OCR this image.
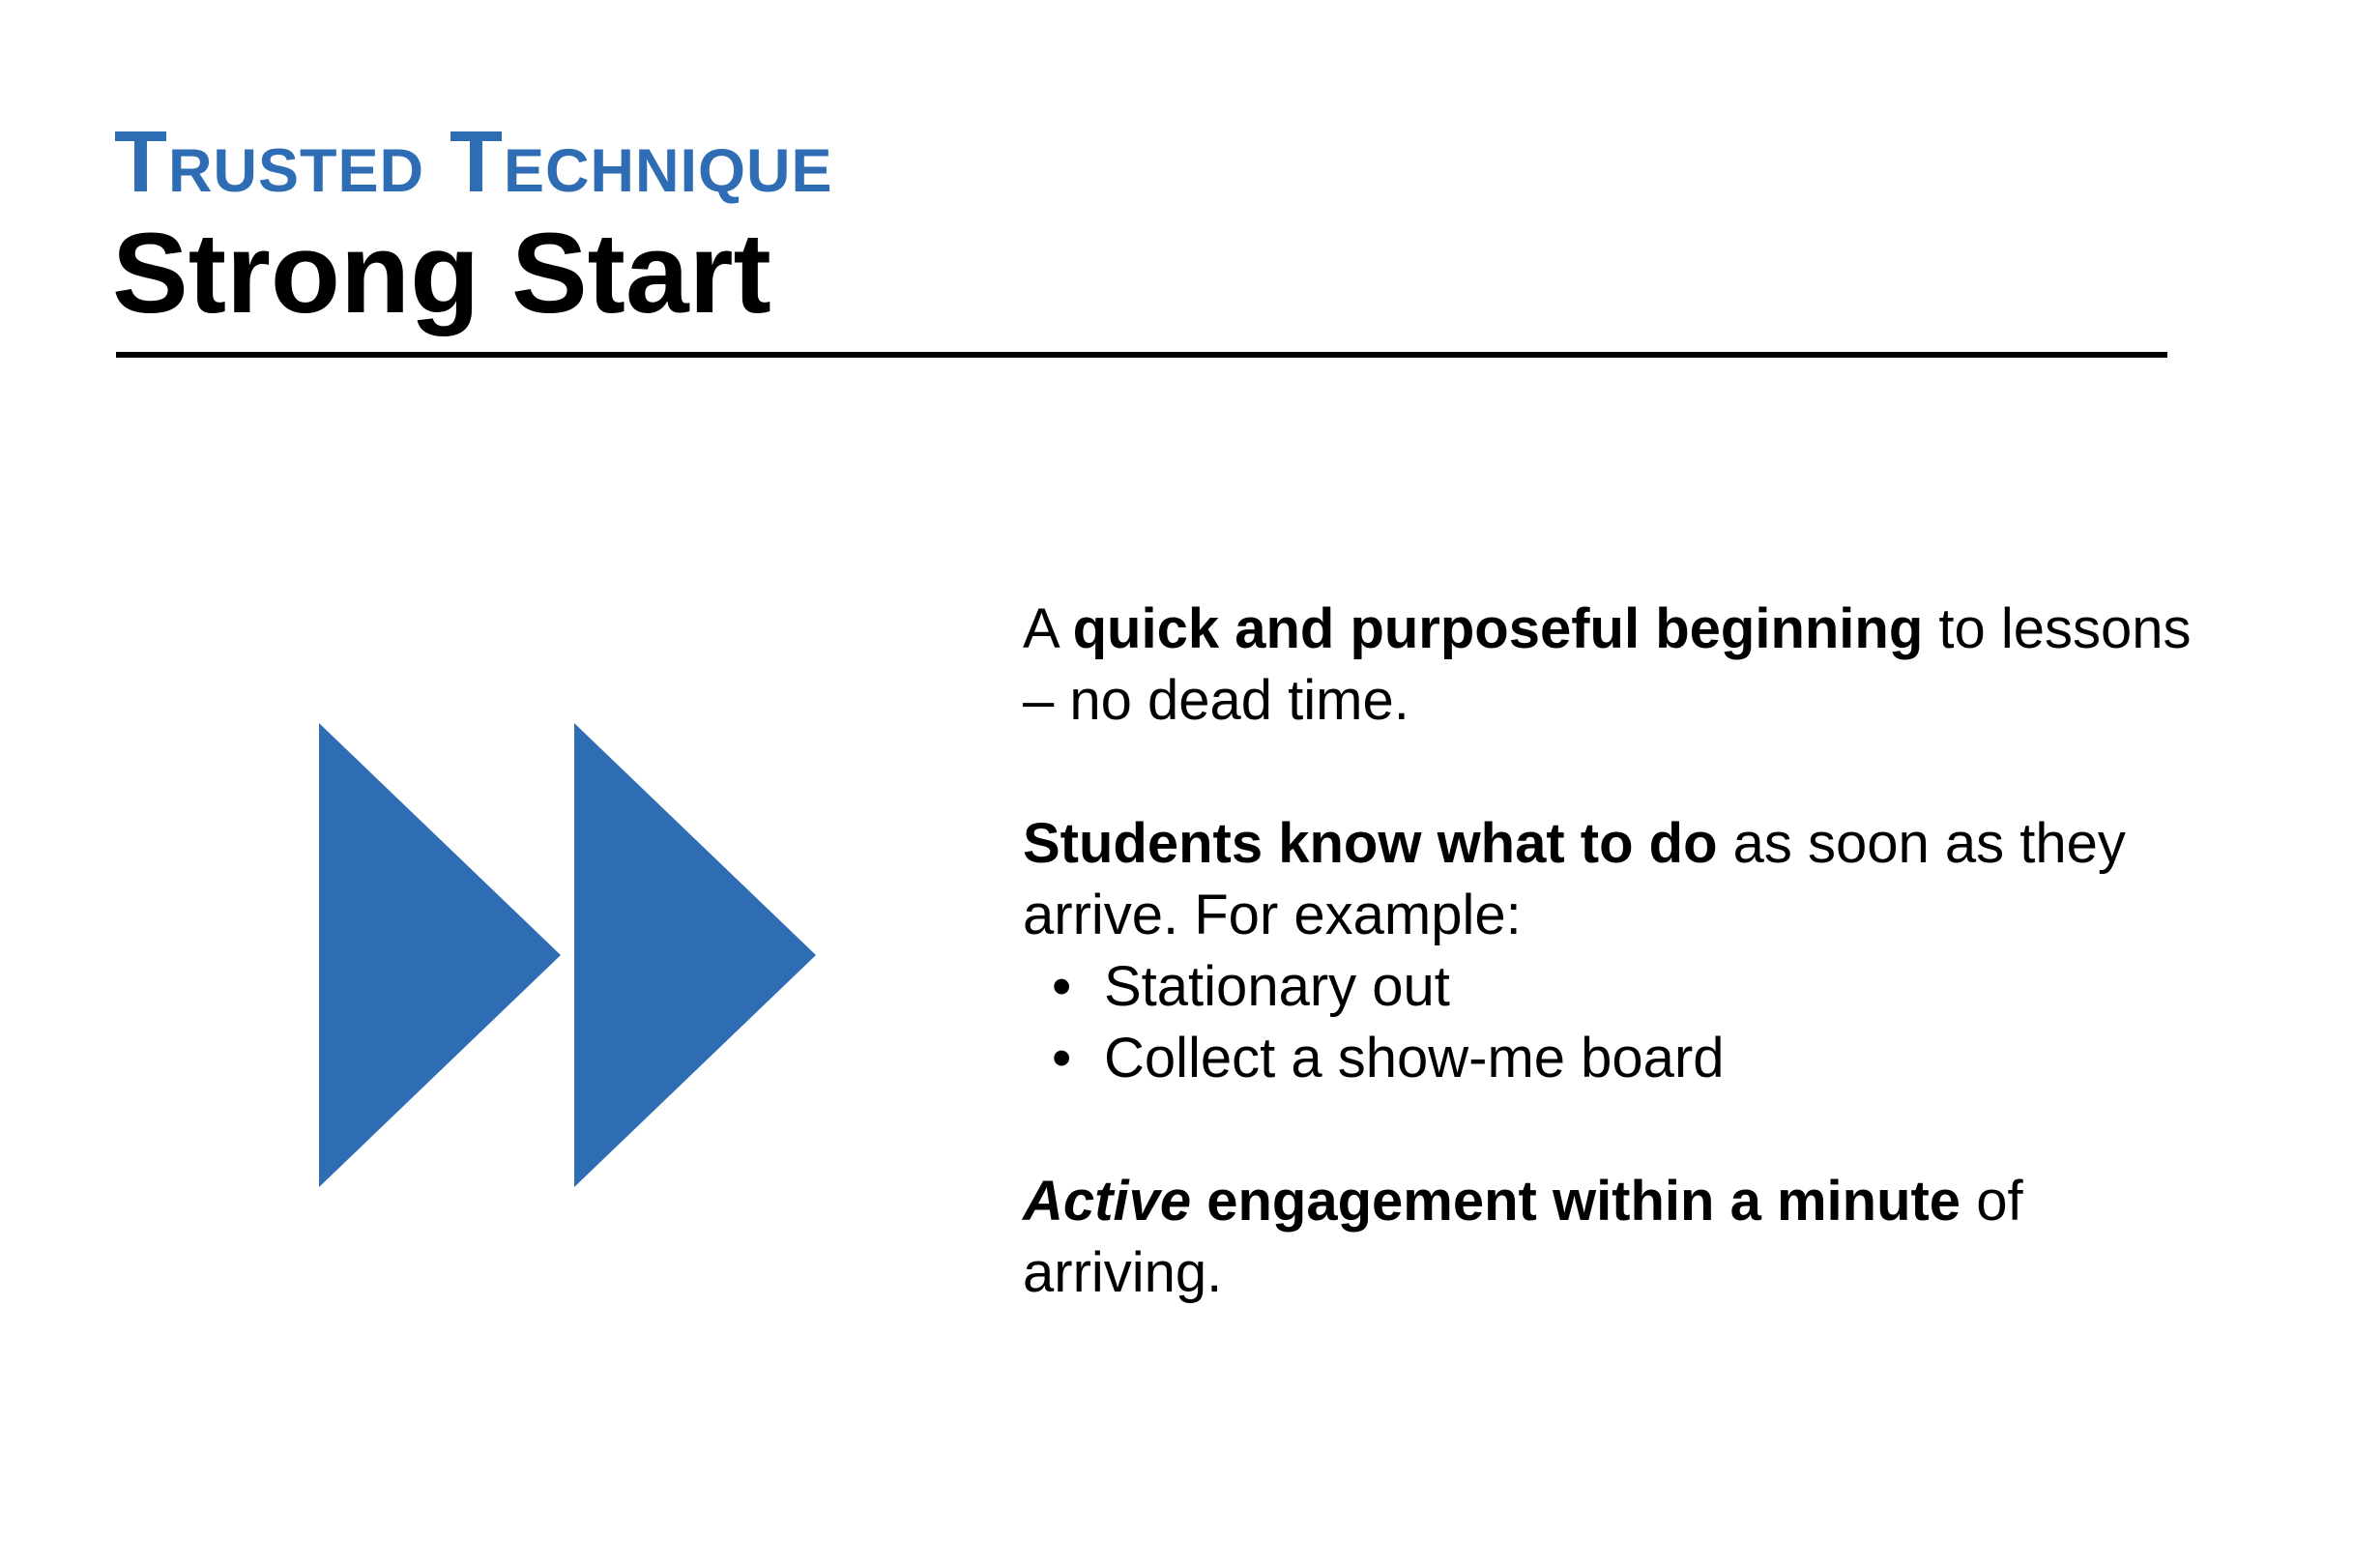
Trusted Technique
Strong Start

A quick and purposeful beginning to lessons – no dead time.

Students know what to do as soon as they arrive. For example:

• Stationary out
• Collect a show-me board

Active engagement within a minute of arriving.
